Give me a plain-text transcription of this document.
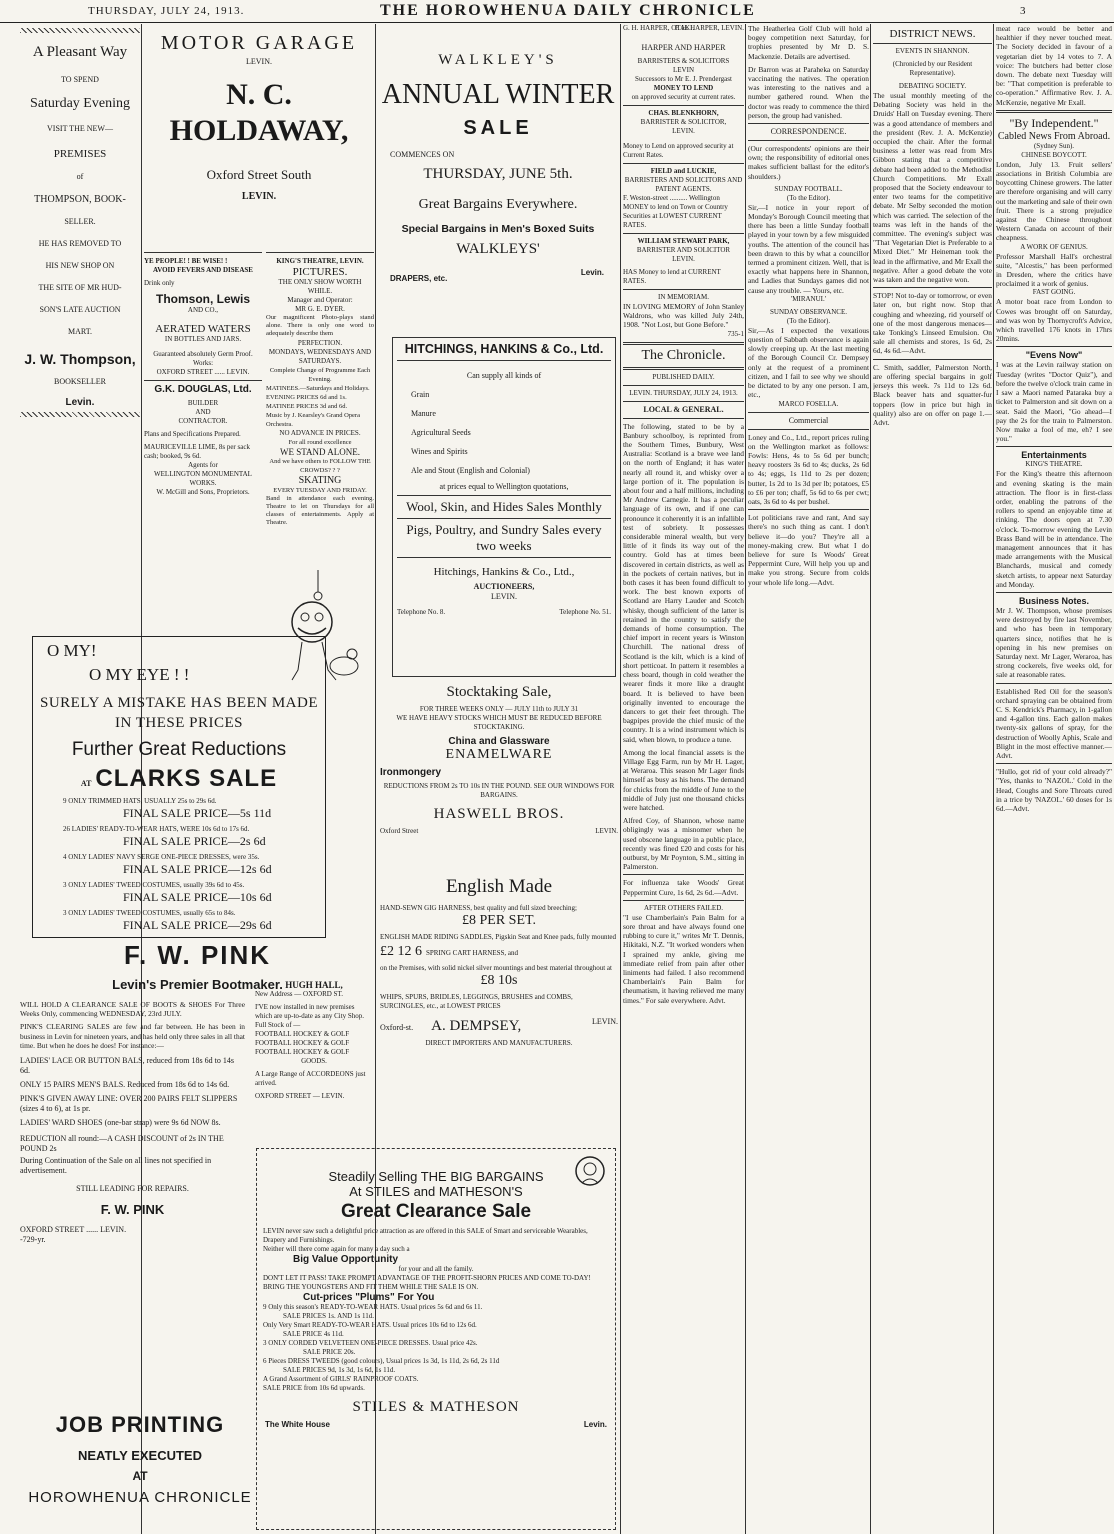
THURSDAY, JULY 24, 1913.	THE HOROWHENUA DAILY CHRONICLE	3
A Pleasant Way
TO SPEND
Saturday Evening
VISIT THE NEW—
PREMISES
of
THOMPSON, BOOK-
SELLER.
HE HAS REMOVED TO
HIS NEW SHOP ON
THE SITE OF MR HUD-
SON'S LATE AUCTION
MART.
J. W. Thompson,
BOOKSELLER
Levin.
MOTOR GARAGE
LEVIN.
N. C. HOLDAWAY,
Oxford Street South
LEVIN.
YE PEOPLE! ! BE WISE! !
AVOID FEVERS AND DISEASE
Drink only
Thomson, Lewis
AND CO.,
AERATED WATERS
IN BOTTLES AND JARS.
Guaranteed absolutely Germ Proof.
Works:
OXFORD STREET ...... LEVIN.
G.K. DOUGLAS, Ltd.
BUILDER
AND
CONTRACTOR.
Plans and Specifications Prepared.
MAURICEVILLE LIME, 8s per sack cash; booked, 9s 6d.
Agents for
WELLINGTON MONUMENTAL WORKS.
W. McGill and Sons, Proprietors.
KING'S THEATRE, LEVIN.
PICTURES.
THE ONLY SHOW WORTH WHILE.
Manager and Operator:
MR G. E. DYER.
Our magnificent Photo-plays stand alone. There is only one word to adequately describe them
PERFECTION.
MONDAYS, WEDNESDAYS AND SATURDAYS.
Complete Change of Programme Each Evening.
MATINEES.—Saturdays and Holidays.
EVENING PRICES 6d and 1s.
MATINEE PRICES 3d and 6d.
Music by J. Kearsley's Grand Opera Orchestra.
NO ADVANCE IN PRICES.
For all round excellence
WE STAND ALONE.
And we have others to FOLLOW THE CROWDS? ? ?
SKATING
EVERY TUESDAY AND FRIDAY.
Band in attendance each evening. Theatre to let on Thursdays for all classes of entertainments. Apply at Theatre.
O MY!
O MY EYE ! !
SURELY A MISTAKE HAS BEEN MADE IN THESE PRICES
Further Great Reductions
AT CLARKS SALE
9 ONLY TRIMMED HATS, USUALLY 25s to 29s 6d.
FINAL SALE PRICE—5s 11d
26 LADIES' READY-TO-WEAR HATS, WERE 10s 6d to 17s 6d.
FINAL SALE PRICE—2s 6d
4 ONLY LADIES' NAVY SERGE ONE-PIECE DRESSES, were 35s.
FINAL SALE PRICE—12s 6d
3 ONLY LADIES' TWEED COSTUMES, usually 39s 6d to 45s.
FINAL SALE PRICE—10s 6d
3 ONLY LADIES' TWEED COSTUMES, usually 65s to 84s.
FINAL SALE PRICE—29s 6d
F. W. PINK
Levin's Premier Bootmaker.
WILL HOLD A CLEARANCE SALE OF BOOTS & SHOES For Three Weeks Only, commencing WEDNESDAY, 23rd JULY.
PINK'S CLEARING SALES are few and far between. He has been in business in Levin for nineteen years, and has held only three sales in all that time. But when he does he does! For instance:—
LADIES' LACE OR BUTTON BALS, reduced from 18s 6d to 14s 6d.
ONLY 15 PAIRS MEN'S BALS. Reduced from 18s 6d to 14s 6d.
PINK'S GIVEN AWAY LINE: OVER 200 PAIRS FELT SLIPPERS (sizes 4 to 6), at 1s pr.
LADIES' WARD SHOES (one-bar strap) were 9s 6d NOW 8s.
REDUCTION all round:—A CASH DISCOUNT of 2s IN THE POUND 2s
During Continuation of the Sale on all lines not specified in advertisement.
STILL LEADING FOR REPAIRS.
F. W. PINK
OXFORD STREET ...... LEVIN.
-729-yr.
HUGH HALL,
New Address — OXFORD ST.
I'VE now installed in new premises which are up-to-date as any City Shop.
Full Stock of —
FOOTBALL HOCKEY & GOLF
FOOTBALL HOCKEY & GOLF
FOOTBALL HOCKEY & GOLF
GOODS.
A Large Range of ACCORDEONS just arrived.
OXFORD STREET — LEVIN.
JOB PRINTING
NEATLY EXECUTED
AT
HOROWHENUA CHRONICLE
WALKLEY'S
ANNUAL WINTER
SALE
COMMENCES ON
THURSDAY, JUNE 5th.
Great Bargains Everywhere.
Special Bargains in Men's Boxed Suits
WALKLEYS'
DRAPERS, etc.
Levin.
HITCHINGS, HANKINS & Co., Ltd.
Can supply all kinds of
Grain
Manure
Agricultural Seeds
Wines and Spirits
Ale and Stout (English and Colonial)
at prices equal to Wellington quotations,
Wool, Skin, and Hides Sales Monthly
Pigs, Poultry, and Sundry Sales every two weeks
Hitchings, Hankins & Co., Ltd.,
AUCTIONEERS,
LEVIN.
Telephone No. 8.	Telephone No. 51.
Stocktaking Sale,
FOR THREE WEEKS ONLY — JULY 11th to JULY 31
WE HAVE HEAVY STOCKS WHICH MUST BE REDUCED BEFORE STOCKTAKING.
China and Glassware
ENAMELWARE
Ironmongery
REDUCTIONS FROM 2s TO 10s IN THE POUND. SEE OUR WINDOWS FOR BARGAINS.
HASWELL BROS.
Oxford Street	LEVIN.
English Made
HAND-SEWN GIG HARNESS, best quality and full sized breeching;
£8 PER SET.
ENGLISH MADE RIDING SADDLES, Pigskin Seat and Knee pads, fully mounted
£2 12 6 SPRING CART HARNESS, and
on the Premises, with solid nickel silver mountings and best material throughout at
£8 10s
WHIPS, SPURS, BRIDLES, LEGGINGS, BRUSHES and COMBS, SURCINGLES, etc., at LOWEST PRICES
Oxford-st. A. DEMPSEY,	LEVIN.
DIRECT IMPORTERS AND MANUFACTURERS.
Steadily Selling THE BIG BARGAINS
At STILES and MATHESON'S
Great Clearance Sale
LEVIN never saw such a delightful price attraction as are offered in this SALE of Smart and serviceable Wearables, Drapery and Furnishings.
Neither will there come again for many a day such a
Big Value Opportunity
for your and all the family.
DON'T LET IT PASS! TAKE PROMPT ADVANTAGE OF THE PROFIT-SHORN PRICES AND COME TO-DAY!
BRING THE YOUNGSTERS AND FIT THEM WHILE THE SALE IS ON.
Cut-prices "Plums" For You
9 Only this season's READY-TO-WEAR HATS. Usual prices 5s 6d and 6s 11.
SALE PRICES 1s. AND 1s 11d.
Only Very Smart READY-TO-WEAR HATS. Usual prices 10s 6d to 12s 6d.
SALE PRICE 4s 11d.
3 ONLY CORDED VELVETEEN ONE-PIECE DRESSES. Usual price 42s.
SALE PRICE 20s.
6 Pieces DRESS TWEEDS (good colours), Usual prices 1s 3d, 1s 11d, 2s 6d, 2s 11d
SALE PRICES 9d, 1s 3d, 1s 6d, 1s 11d.
A Grand Assortment of GIRLS' RAINPROOF COATS.
SALE PRICE from 10s 6d upwards.
STILES & MATHESON
The White House	Levin.
G. H. HARPER, OTAKI.
P. H. HARPER, LEVIN.
HARPER AND HARPER
BARRISTERS & SOLICITORS
LEVIN
Successors to Mr E. J. Prendergast
MONEY TO LEND
on approved security at current rates.
CHAS. BLENKHORN,
BARRISTER & SOLICITOR,
LEVIN.
Money to Lend on approved security at Current Rates.
FIELD and LUCKIE,
BARRISTERS AND SOLICITORS AND PATENT AGENTS.
F. Weston-street .......... Wellington
MONEY to lend on Town or Country Securities at LOWEST CURRENT RATES.
WILLIAM STEWART PARK,
BARRISTER AND SOLICITOR
LEVIN.
HAS Money to lend at CURRENT RATES.
IN MEMORIAM.
IN LOVING MEMORY of John Stanley Waldrons, who was killed July 24th, 1908. "Not Lost, but Gone Before."
735-1
The Chronicle.
PUBLISHED DAILY.
LEVIN. THURSDAY, JULY 24, 1913.
LOCAL & GENERAL.
The following, stated to be by a Banbury schoolboy, is reprinted from the Southern Times, Bunbury, West Australia: Scotland is a brave wee land on the north of England; it has water nearly all round it, and whisky over a large portion of it. The population is about four and a half millions, including Mr Andrew Carnegie. It has a peculiar language of its own, and if one can pronounce it coherently it is an infallible test of sobriety. It possesses considerable mineral wealth, but very little of it finds its way out of the country. Gold has at times been discovered in certain districts, as well as in the pockets of certain natives, but in both cases it has been found difficult to work. The best known exports of Scotland are Harry Lauder and Scotch whisky, though sufficient of the latter is retained in the country to satisfy the demands of home consumption. The chief import in recent years is Winston Churchill. The national dress of Scotland is the kilt, which is a kind of short petticoat. In pattern it resembles a chess board, though in cold weather the wearer finds it more like a draught board. It is believed to have been originally invented to encourage the dancers to get their feet through. The bagpipes provide the chief music of the country. It is a wind instrument which is said, when blown, to produce a tune.
Among the local financial assets is the Village Egg Farm, run by Mr H. Lager, at Weraroa. This season Mr Lager finds himself as busy as his hens. The demand for chicks from the middle of June to the middle of July just one thousand chicks were hatched.
Alfred Coy, of Shannon, whose name obligingly was a misnomer when he used obscene language in a public place, recently was fined £20 and costs for his outburst, by Mr Poynton, S.M., sitting in Palmerston.
For influenza take Woods' Great Peppermint Cure, 1s 6d, 2s 6d.—Advt.
AFTER OTHERS FAILED.
"I use Chamberlain's Pain Balm for a sore throat and have always found one rubbing to cure it," writes Mr T. Dennis, Hikitaki, N.Z. "It worked wonders when I sprained my ankle, giving me immediate relief from pain after other liniments had failed. I also recommend Chamberlain's Pain Balm for rheumatism, it having relieved me many times." For sale everywhere. Advt.
The Heatherlea Golf Club will hold a bogey competition next Saturday, for trophies presented by Mr D. S. Mackenzie. Details are advertised.
Dr Barron was at Paraheka on Saturday vaccinating the natives. The operation was interesting to the natives and a number gathered round. When the doctor was ready to commence the third person, the group had vanished.
CORRESPONDENCE.
(Our correspondents' opinions are their own; the responsibility of editorial ones makes sufficient ballast for the editor's shoulders.)
SUNDAY FOOTBALL.
(To the Editor).
Sir,—I notice in your report of Monday's Borough Council meeting that there has been a little Sunday football played in your town by a few misguided youths. The attention of the council has been drawn to this by what a councillor termed a prominent citizen. Well, that is exactly what happens here in Shannon, and Ladies that Sundays games did not cause any trouble. — Yours, etc.
'MIRANUI.'
SUNDAY OBSERVANCE.
(To the Editor).
Sir,—As I expected the vexatious question of Sabbath observance is again slowly creeping up. At the last meeting of the Borough Council Cr. Dempsey only at the request of a prominent citizen, and I fail to see why we should be dictated to by any one person. I am, etc.,
MARCO FOSELLA.
Commercial
Loney and Co., Ltd., report prices ruling on the Wellington market as follows: Fowls: Hens, 4s to 5s 6d per bunch; heavy roosters 3s 6d to 4s; ducks, 2s 6d to 4s; eggs, 1s 11d to 2s per dozen; butter, 1s 2d to 1s 3d per lb; potatoes, £5 to £6 per ton; chaff, 5s 6d to 6s per cwt; oats, 3s 6d to 4s per bushel.
Lot politicians rave and rant, And say there's no such thing as cant. I don't believe it—do you? They're all a money-making crew. But what I do believe for sure Is Woods' Great Peppermint Cure, Will help you up and make you strong. Secure from colds your whole life long.—Advt.
DISTRICT NEWS.
EVENTS IN SHANNON.
(Chronicled by our Resident Representative).
DEBATING SOCIETY.
The usual monthly meeting of the Debating Society was held in the Druids' Hall on Tuesday evening. There was a good attendance of members and the president (Rev. J. A. McKenzie) occupied the chair. After the formal business a letter was read from Mrs Gibbon stating that a competitive debate had been added to the Methodist Church Competitions. Mr Exall proposed that the Society endeavour to enter two teams for the competitive debate. Mr Selby seconded the motion which was carried. The selection of the teams was left in the hands of the committee. The evening's subject was "That Vegetarian Diet is Preferable to a Mixed Diet." Mr Heineman took the lead in the affirmative, and Mr Exall the negative. After a good debate the vote was taken and the negative won.
STOP! Not to-day or tomorrow, or even later on, but right now. Stop that coughing and wheezing, rid yourself of one of the most dangerous menaces—take Tonking's Linseed Emulsion. On sale all chemists and stores, 1s 6d, 2s 6d, 4s 6d.—Advt.
C. Smith, saddler, Palmerston North, are offering special bargains in golf jerseys this week. 7s 11d to 12s 6d. Black beaver hats and squatter-fur toppers (low in price but high in quality) also are on offer on page 1.—Advt.
meat race would be better and healthier if they never touched meat. The Society decided in favour of a vegetarian diet by 14 votes to 7. A voice: The butchers had better close down. The debate next Tuesday will be: "That competition is preferable to co-operation." Affirmative Rev. J. A. McKenzie, negative Mr Exall.
"By Independent."
Cabled News From Abroad.
(Sydney Sun).
CHINESE BOYCOTT.
London, July 13. Fruit sellers' associations in British Columbia are boycotting Chinese growers. The latter are therefore organising and will carry out the marketing and sale of their own fruit. There is a strong prejudice against the Chinese throughout Western Canada on account of their cheapness.
A WORK OF GENIUS.
Professor Marshall Hall's orchestral suite, "Alcestis," has been performed in Dresden, where the critics have proclaimed it a work of genius.
FAST GOING.
A motor boat race from London to Cowes was brought off on Saturday, and was won by Thornycroft's Advice, which travelled 176 knots in 17hrs 20mins.
"Evens Now"
I was at the Levin railway station on Tuesday (writes "Doctor Quiz"), and before the twelve o'clock train came in I saw a Maori named Pataraka buy a ticket to Palmerston and sit down on a seat. Said the Maori, "Go ahead—I pay the 2s for the train to Palmerston. Now make a fool of me, eh? I see you."
Entertainments
KING'S THEATRE.
For the King's theatre this afternoon and evening skating is the main attraction. The floor is in first-class order, enabling the patrons of the rollers to spend an enjoyable time at rinking. The doors open at 7.30 o'clock. To-morrow evening the Levin Brass Band will be in attendance. The management announces that it has made arrangements with the Musical Blanchards, musical and comedy sketch artists, to appear next Saturday and Monday.
Business Notes.
Mr J. W. Thompson, whose premises were destroyed by fire last November, and who has been in temporary quarters since, notifies that he is opening in his new premises on Saturday next. Mr Lager, Weraroa, has strong cockerels, five weeks old, for sale at reasonable rates.
Established Red Oil for the season's orchard spraying can be obtained from C. S. Kendrick's Pharmacy, in 1-gallon and 4-gallon tins. Each gallon makes twenty-six gallons of spray, for the destruction of Woolly Aphis, Scale and Blight in the most effective manner.—Advt.
"Hullo, got rid of your cold already?" "Yes, thanks to 'NAZOL.' Cold in the Head, Coughs and Sore Throats cured in a trice by 'NAZOL.' 60 doses for 1s 6d.—Advt.
